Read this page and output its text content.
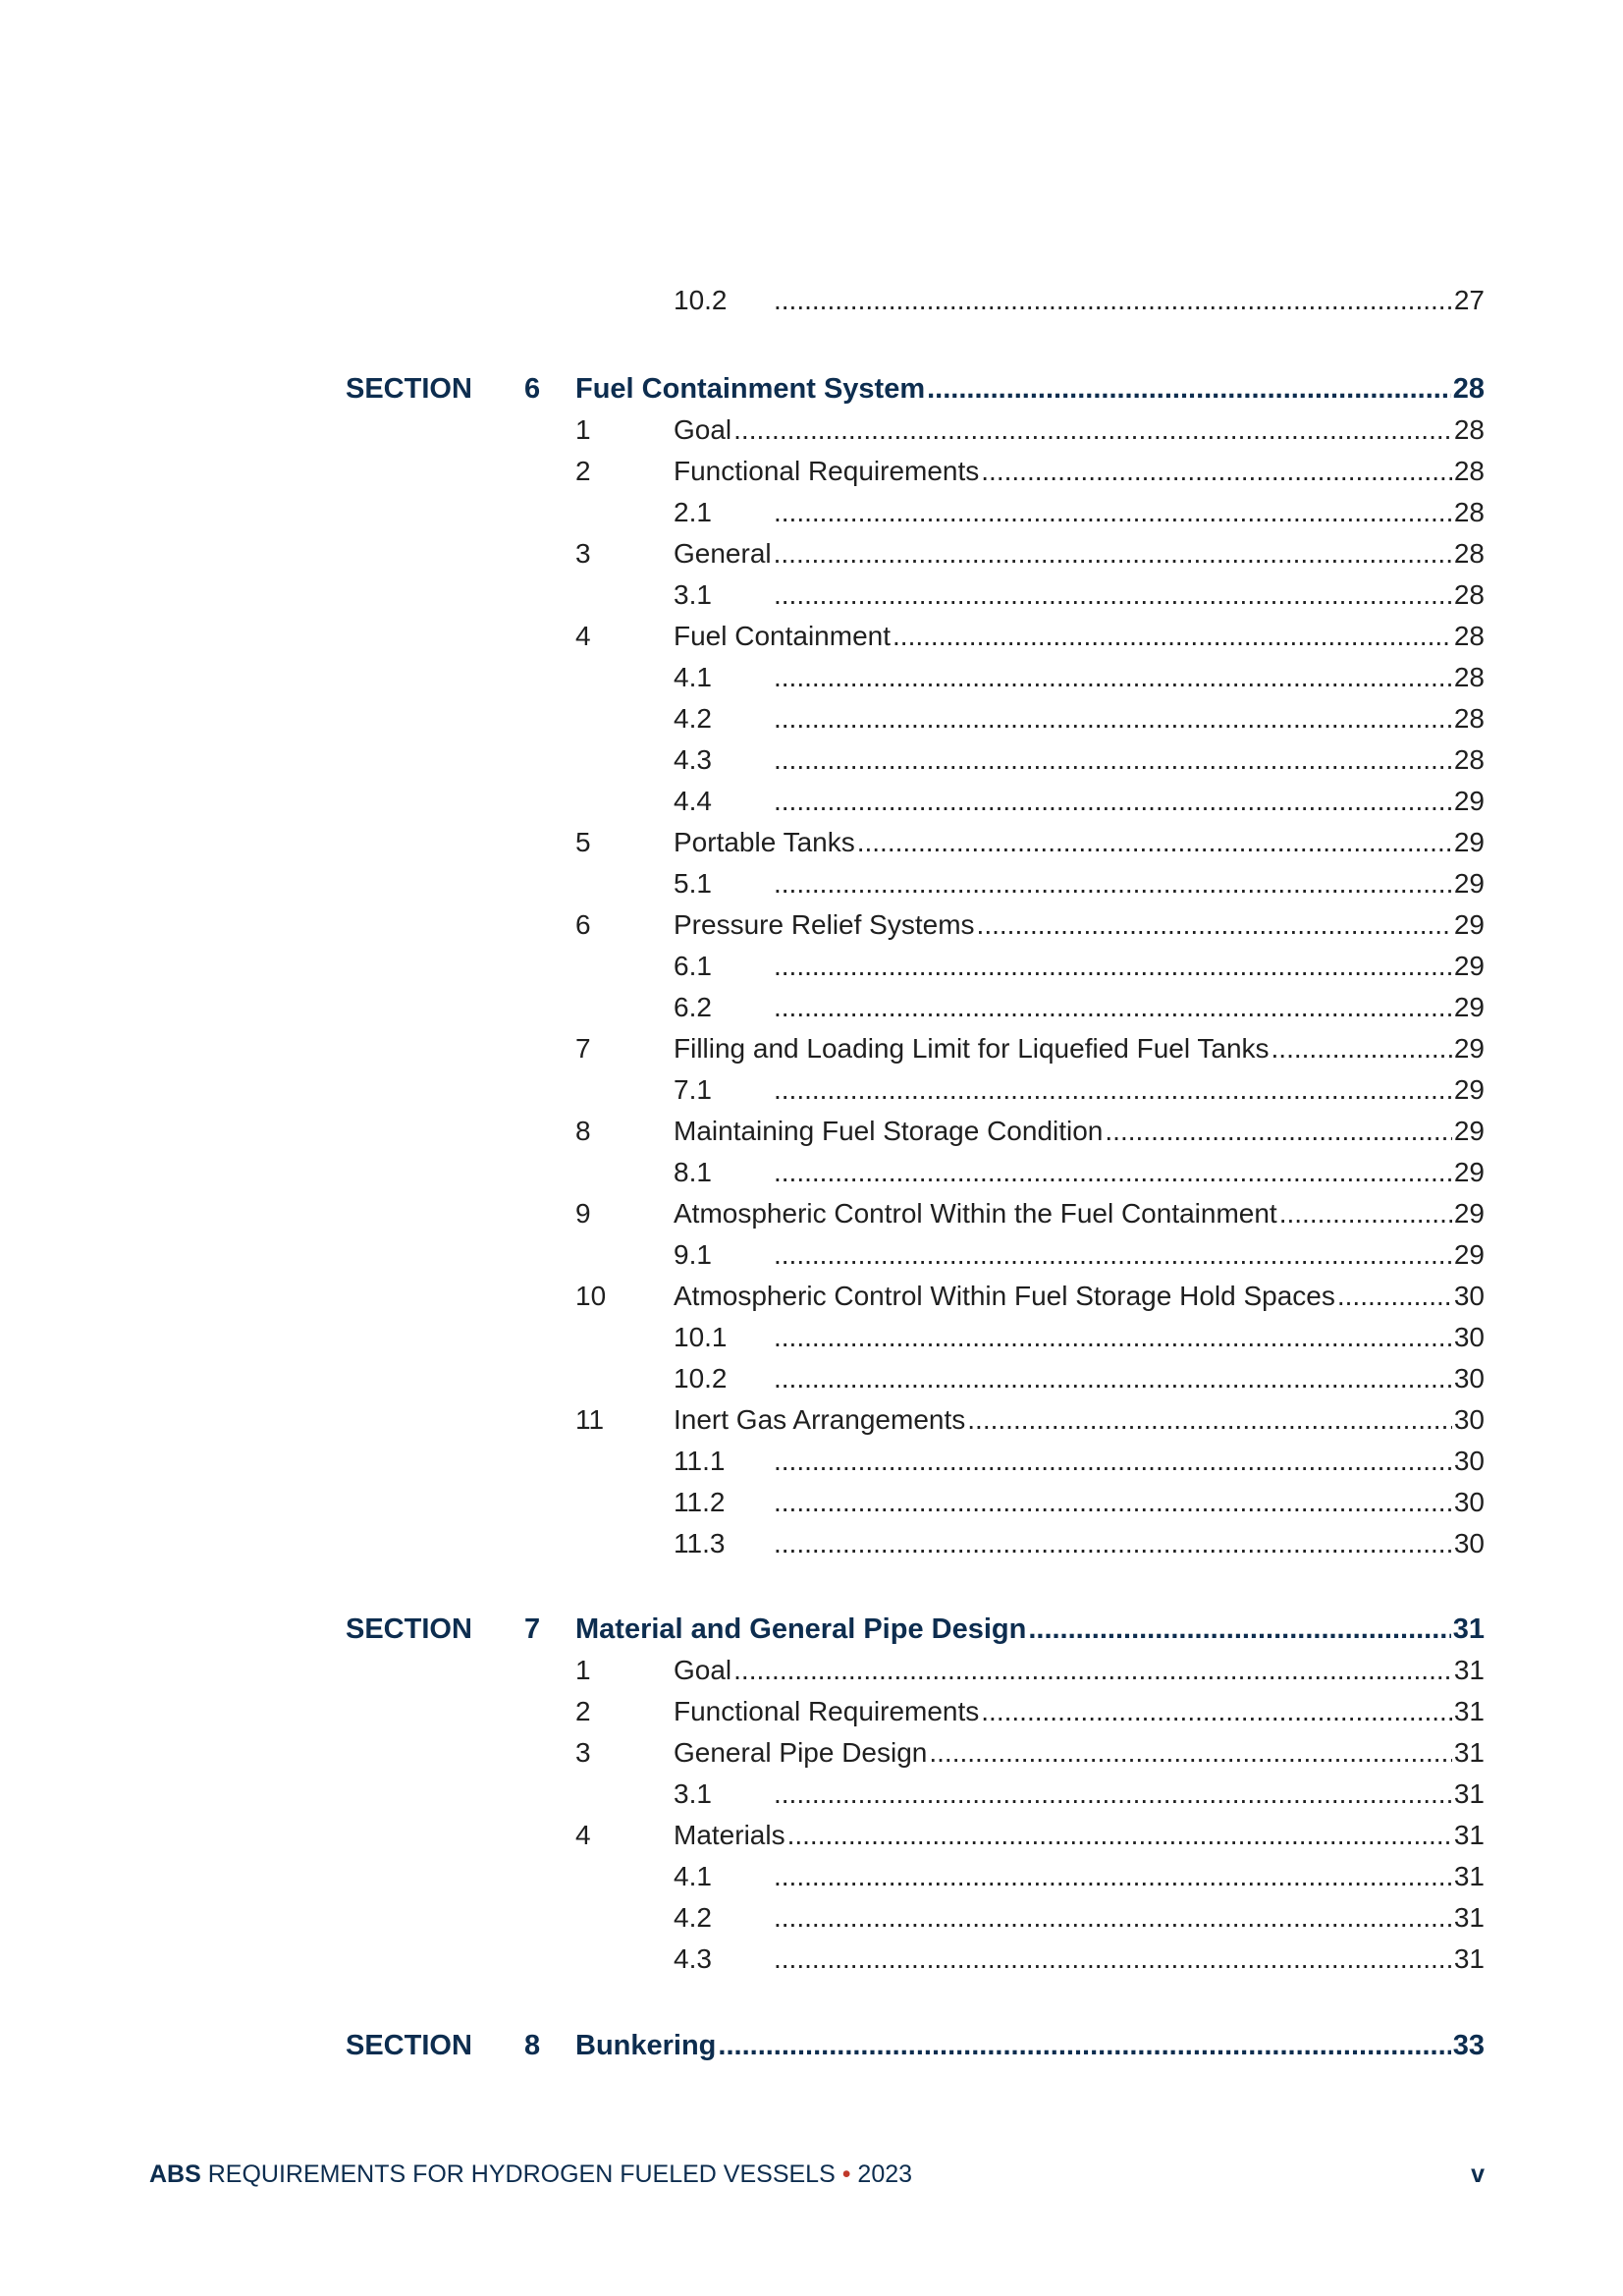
10.2 .....	27
SECTION 6 Fuel Containment System .....	28
1	Goal .....	28
2	Functional Requirements .....	28
2.1 .....	28
3	General .....	28
3.1 .....	28
4	Fuel Containment .....	28
4.1 .....	28
4.2 .....	28
4.3 .....	28
4.4 .....	29
5	Portable Tanks .....	29
5.1 .....	29
6	Pressure Relief Systems .....	29
6.1 .....	29
6.2 .....	29
7	Filling and Loading Limit for Liquefied Fuel Tanks .....	29
7.1 .....	29
8	Maintaining Fuel Storage Condition .....	29
8.1 .....	29
9	Atmospheric Control Within the Fuel Containment .....	29
9.1 .....	29
10 Atmospheric Control Within Fuel Storage Hold Spaces .....	30
10.1 .....	30
10.2 .....	30
11	Inert Gas Arrangements .....	30
11.1 .....	30
11.2 .....	30
11.3 .....	30
SECTION 7 Material and General Pipe Design .....	31
1	Goal .....	31
2	Functional Requirements .....	31
3	General Pipe Design .....	31
3.1 .....	31
4	Materials .....	31
4.1 .....	31
4.2 .....	31
4.3 .....	31
SECTION 8 Bunkering .....	33
ABS REQUIREMENTS FOR HYDROGEN FUELED VESSELS • 2023	v
